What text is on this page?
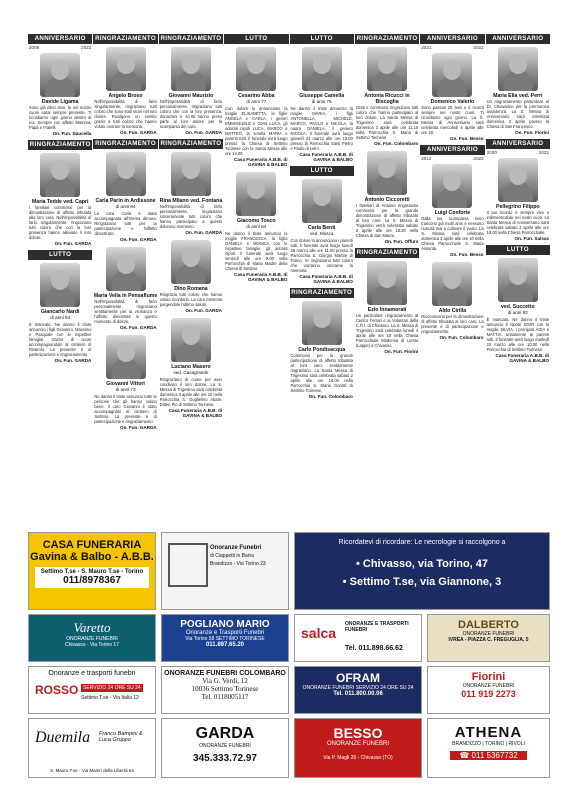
ANNIVERSARIO
2008	2022
Davide Ligama
Sono già dieci anni, tu nel nostro cuore sarai sempre presente. Ti ricordiamo ogni giorno dentro di noi. Sempre con affetto Mamma, Papà e Fratelli.
On. Fun. Daucella
RINGRAZIAMENTO
Maria Tedde ved. Capri
I familiari commossi per la dimostrazione di affetto tributata alla loro cara. Nell'impossibilità di farlo singolarmente, ringraziano tutti coloro che con la loro presenza hanno alleviato il loro dolore.
On. Fun. GARDA
LUTTO
Giancarlo Nardi
di anni 94
È mancato. Ne danno il triste annuncio i figli Giovanni, Massimo e Pasquale con le rispettive famiglie. Grazie di cuore accompagnandolo al cimitero di Rivarolo. La presente è di partecipazione e ringraziamento.
On. Fun. GARDA
RINGRAZIAMENTO
Angelo Broso
Nell'impossibilità di farlo singolarmente, ringraziano tutti coloro che sono stati vicini nel loro dolore. Rivolgono un sentito grazie a tutti coloro che hanno voluto onorare la memoria.
On. Fun. GARDA
RINGRAZIAMENTO
Carla Parin in Ardissone
di anni 84
La cara Carla è stata accompagnata all'eterna dimora. Ringraziano tutti per la partecipazione e l'affetto dimostrato.
On. Fun. GARDA
Maria Vella in Pensaflume
Nell'impossibilità di farlo personalmente, ringraziano sentitamente per la vicinanza e l'affetto dimostrati in questo momento di dolore.
On. Fun. GARDA
Giovanni Vittori
di anni 73
Ne danno il triste annuncio tutte le persone che gli hanno voluto bene. Il caro Giovanni è stato accompagnato al cimitero di Settimo. La presente è di partecipazione e ringraziamento.
On. Fun. GARDA
RINGRAZIAMENTO
Giovanni Maurizio
Nell'impossibilità di farlo personalmente, ringraziano tutti coloro che con la loro presenza, donazioni e scritti hanno preso parte al loro dolore per la scomparsa del caro.
On. Fun. GARDA
RINGRAZIAMENTO
Rina Milano ved. Fontana
Nell'impossibilità di farlo personalmente, ringraziano sinceramente tutti coloro che hanno partecipato a questo doloroso momento.
On. Fun. GARDA
Dino Romana
Ringrazia tutti coloro che hanno voluto ricordarlo. La cara memoria porgendole l'ultimo saluto.
On. Fun. GARDA
Luciano Masero
ved. Casagrande
Ringraziano di cuore per aver condiviso il loro dolore. La S. Messa di Trigesimo sarà celebrata domenica 3 aprile alle ore 10 nella Parrocchia S. Guglielmo Abate. Ditteri Pio di Settimo Torinese.
Casa Funeraria A.B.B. di GAVINA & BALBO
LUTTO
Cesarino Abba
di anni 77
Con dolore lo annunciano la moglie ELISABETTA, le figlie ANGELA e CARLA, i generi EMMANUELE e GIAN LUCA, gli adorati nipoti LUCA, MARCO e MATTEO, la sorella MARIA e parenti tutti. Il funerale avrà luogo presso la Chiesa di Settimo Torinese con la Santa Messa alle ore 14.00.
Casa Funeraria A.B.B. di GAVINA & BALBO
Giacomo Tosco
di anni 84
Ne danno il triste annuncio la moglie FRANCESCA, la figlia DANIELA e MONICA con le rispettive famiglie, gli adorati nipoti. Il funerale avrà luogo venerdì alle ore 9.00 nella Parrocchia di Maria Madre della Chiesa di Settimo.
Casa Funeraria A.B.B. di GAVINA & BALBO
LUTTO
Giuseppe Camella
di anni 75
Ne danno il triste annuncio la moglie MARIA, i figli ANTONELLA, MICHELE, MARCO, PAOLO e NICOLA, la nuora DANIELA, il genero NICOLA. Il funerale avrà luogo giovedì 24 marzo alle ore 10.00 presso la Parrocchia Santi Pietro e Paolo di Leinì.
Casa Funeraria A.B.B. di GAVINA & BALBO
LUTTO
Carla Benti
ved. Mosca
Con dolore lo annunciano i parenti tutti. Il funerale avrà luogo lunedì 28 marzo alle ore 11.00 presso la Parrocchia S. Giorgio Martire di Torino. Si ringraziano tutti coloro che vorranno onorarne la memoria.
Casa Funeraria A.B.B. di GAVINA & BALBO
RINGRAZIAMENTO
Carlo Pondisacqua
Commossi per la grande partecipazione di affetto tributata al loro caro, sentitamente ringraziano. La Santa Messa di Trigesimo sarà celebrata sabato 2 aprile alle ore 18.00 nella Parrocchia S. Maria Goretti di Settimo Torinese.
On. Fun. Colombaro
RINGRAZIAMENTO
Antonia Ricucci in Biscoglia
Grati e commossi ringraziano tutti coloro che hanno partecipato al loro dolore. La Santa Messa di Trigesimo sarà celebrata domenica 3 aprile alle ore 11.15 nella Parrocchia S. Maria di Settimo Torinese.
On. Fun. Colombaro
Antonio Ciccoretti
I familiari di Antonio ringraziano commossi per la grande dimostrazione di affetto tributata al loro caro. La S. Messa di Trigesimo verrà celebrata sabato 2 aprile alle ore 18.30 nella Chiesa di San Mauro.
On. Fun. Offurs
RINGRAZIAMENTO
Ezio Innamorati
Un particolare ringraziamento al Centro Ferrari e ai Volontari della C.R.I. di Chivasso. La S. Messa di Trigesimo sarà celebrata lunedì 4 aprile alle ore 18 nella Chiesa Parrocchiale Madonna di Loreto (Lappe) a Chivasso.
On. Fun. Fiorini
ANNIVERSARIO
2021	2022
Domenico Valerio
Sono passati 25 anni e ti ricordi sempre nei nostri cuori. Ti ricordiamo ogni giorno. La S. Messa di Anniversario sarà celebrata mercoledì 6 aprile alle ore 18.
On. Fun. Besso
ANNIVERSARIO
2012	2022
Luigi Conforte
Dalla tua scomparsa sono trascorsi già molti anni e nessuno riuscirà mai a colmare il vuoto. La S. Messa sarà celebrata domenica 3 aprile alle ore 10 nella Chiesa Parrocchiale S. Maria Assunta.
On. Fun. Besso
Aldo Cirilla
Riconoscenti per la dimostrazione di affetto tributata al loro caro. La presente è di partecipazione e ringraziamento.
On. Fun. Colombaro
ANNIVERSARIO
Maria Elia ved. Perri
Un ringraziamento particolare al Dr. Chiavarino per la premurosa assistenza. La S. Messa di Anniversario sarà celebrata domenica 3 aprile presso la Chiesa di San Francesco.
On. Fun. Fiorini
ANNIVERSARIO
2020	2022
Pellegrino Filippo
Il tuo ricordo è sempre vivo e indimenticabile nei nostri cuori. La Santa Messa di Anniversario sarà celebrata sabato 2 aprile alle ore 18.00 nella Chiesa Parrocchiale.
On. Fun. Salsas
LUTTO
ved. Succetto
di anni 92
È mancata. Ne danno il triste annuncio il nipote IGOR con la moglie SILVIA, i pronipoti AIDA e MATTIA, unitamente ai parenti tutti. Il funerale avrà luogo martedì 22 marzo alle ore 10.00 nella Parrocchia di Settimo Torinese.
Casa Funeraria A.B.B. di GAVINA & BALBO
CASA FUNERARIA
Gavina & Balbo - A.B.B.
Settimo T.se - S. Mauro T.se - Torino
011/8978367
Onoranze Funebri
di Ciappetti in Barra
Brandizzo - Via Torino 23
Ricordatevi di ricordare: Le necrologie si raccolgono a
• Chivasso, via Torino, 47
• Settimo T.se, via Giannone, 3
Varetto
ONORANZE FUNEBRI
Chivasso - Via Torino 17
POGLIANO MARIO
Onoranze e Trasporti Funebri
Via Torino 58 SETTIMO TORINESE
011.897.65.20
salca
ONORANZE E TRASPORTI FUNEBRI
Tel. 011.898.66.62
DALBERTO
ONORANZE FUNEBRI
IVREA - PIAZZA C. FREGUGLIA, 5
Onoranze e trasporti funebri
ROSSO SERVIZIO 24 ORE SU 24
Settimo T.se - Via Italia 12
ONORANZE FUNEBRI COLOMBARO
Via G. Verdi, 12
10036 Settimo Torinese
Tel. 0118005117
OFRAM
ONORANZE FUNEBRI SERVIZIO 24 ORE SU 24
Tel. 011.800.00.06
Fiorini
ONORANZE FUNEBRI
011 919 2273
Duemila Franco Bampini & Luca Gruppo
S. Mauro T.se - Via Martiri della Libertà 64
GARDA
ONORANZE FUNEBRI
345.333.72.97
BESSO
ONORANZE FUNEBRI
Via P. Magli 26 - Chivasso (TO)
ATHENA
BRANDIZZO | TORINO | RIVOLI
☎ 011 5367732
